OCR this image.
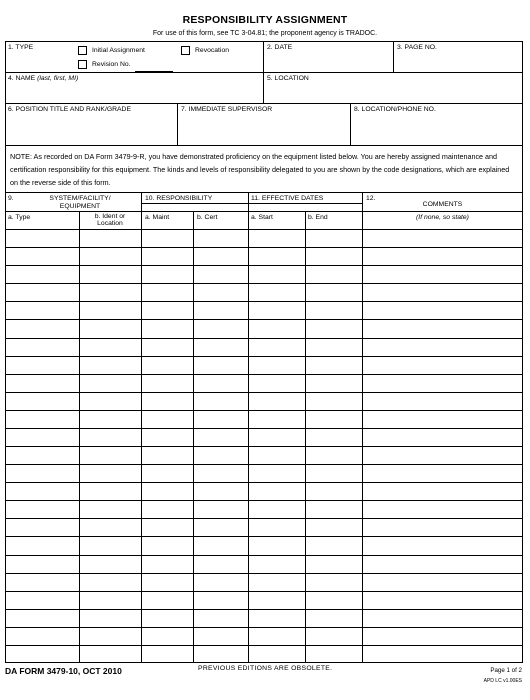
RESPONSIBILITY ASSIGNMENT
For use of this form, see TC 3-04.81; the proponent agency is TRADOC.
1. TYPE	Initial Assignment	Revocation
Revision No.
2. DATE	3. PAGE NO.
4. NAME (last, first, MI)	5. LOCATION
6. POSITION TITLE AND RANK/GRADE	7. IMMEDIATE SUPERVISOR	8. LOCATION/PHONE NO.
NOTE: As recorded on DA Form 3479-9-R, you have demonstrated proficiency on the equipment listed below. You are hereby assigned maintenance and certification responsibility for this equipment. The kinds and levels of responsibility delegated to you are shown by the code designations, which are explained on the reverse side of this form.
9.	SYSTEM/FACILITY/
EQUIPMENT
10. RESPONSIBILITY	11. EFFECTIVE DATES	12.
COMMENTS
a. Type	b. Ident or
Location
a. Maint	b. Cert	a. Start	b. End	(If none, so state)
DA FORM 3479-10, OCT 2010	PREVIOUS EDITIONS ARE OBSOLETE.	Page 1 of 2
APD LC v1.00ES
